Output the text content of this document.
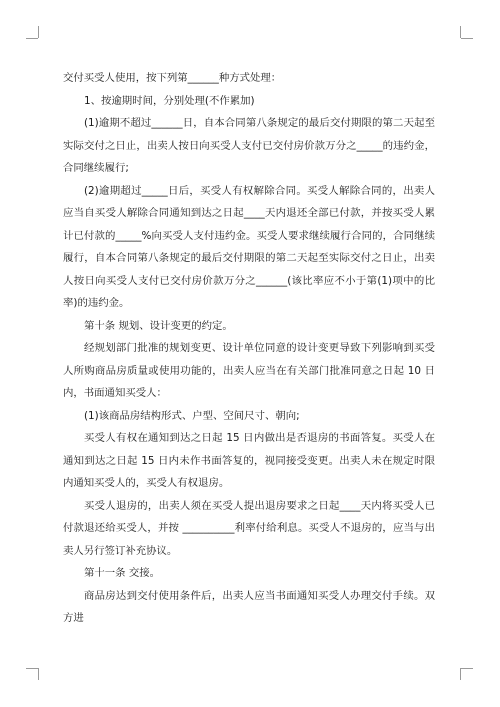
交付买受人使用，按下列第______种方式处理：

1、按逾期时间，分别处理(不作累加)

(1)逾期不超过______日，自本合同第八条规定的最后交付期限的第二天起至实际交付之日止，出卖人按日向买受人支付已交付房价款万分之_____的违约金，合同继续履行;

(2)逾期超过_____日后，买受人有权解除合同。买受人解除合同的，出卖人应当自买受人解除合同通知到达之日起____天内退还全部已付款，并按买受人累计已付款的_____%向买受人支付违约金。买受人要求继续履行合同的，合同继续履行，自本合同第八条规定的最后交付期限的第二天起至实际交付之日止，出卖人按日向买受人支付已交付房价款万分之______(该比率应不小于第(1)项中的比率)的违约金。

第十条 规划、设计变更的约定。

经规划部门批准的规划变更、设计单位同意的设计变更导致下列影响到买受人所购商品房质量或使用功能的，出卖人应当在有关部门批准同意之日起 10 日内，书面通知买受人：

(1)该商品房结构形式、户型、空间尺寸、朝向;

买受人有权在通知到达之日起 15 日内做出是否退房的书面答复。买受人在通知到达之日起 15 日内未作书面答复的，视同接受变更。出卖人未在规定时限内通知买受人的，买受人有权退房。

买受人退房的，出卖人须在买受人提出退房要求之日起____天内将买受人已付款退还给买受人，并按 __________利率付给利息。买受人不退房的，应当与出卖人另行签订补充协议。

第十一条 交接。

商品房达到交付使用条件后，出卖人应当书面通知买受人办理交付手续。双方进
